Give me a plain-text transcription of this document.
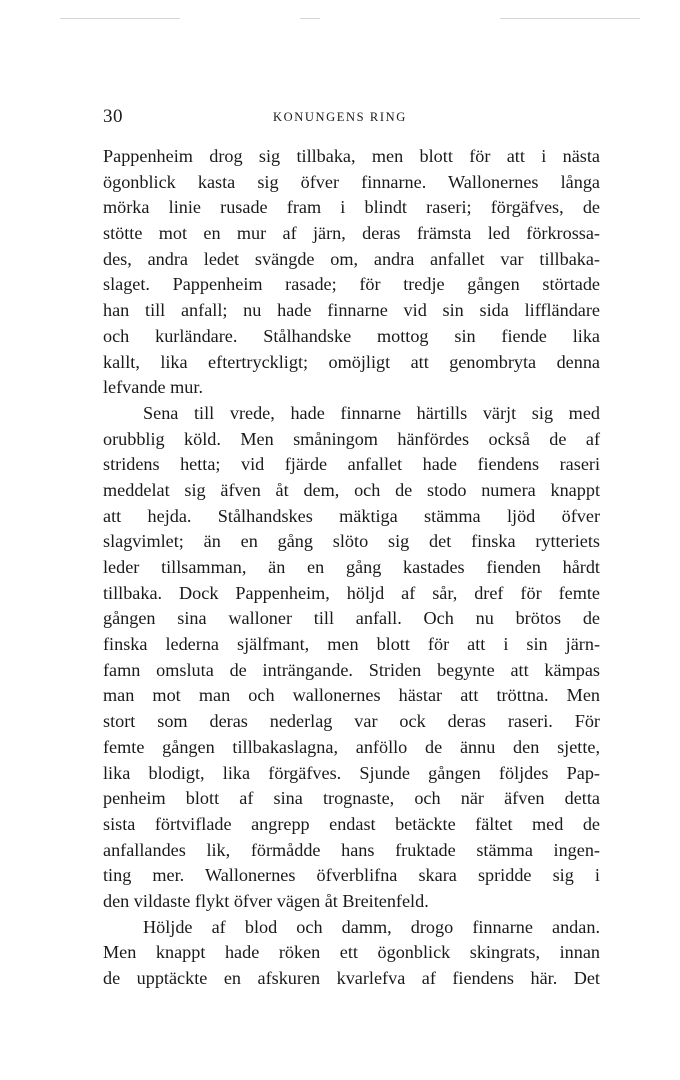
30	KONUNGENS RING
Pappenheim drog sig tillbaka, men blott för att i nästa
ögonblick kasta sig öfver finnarne. Wallonernes långa
mörka linie rusade fram i blindt raseri; förgäfves, de
stötte mot en mur af järn, deras främsta led förkrossa-
des, andra ledet svängde om, andra anfallet var tillbaka-
slaget. Pappenheim rasade; för tredje gången störtade
han till anfall; nu hade finnarne vid sin sida liffländare
och kurländare. Stålhandske mottog sin fiende lika
kallt, lika eftertryckligt; omöjligt att genombryta denna
lefvande mur.
Sena till vrede, hade finnarne härtills värjt sig med
orubblig köld. Men småningom hänfördes också de af
stridens hetta; vid fjärde anfallet hade fiendens raseri
meddelat sig äfven åt dem, och de stodo numera knappt
att hejda. Stålhandskes mäktiga stämma ljöd öfver
slagvimlet; än en gång slöto sig det finska rytteriets
leder tillsamman, än en gång kastades fienden hårdt
tillbaka. Dock Pappenheim, höljd af sår, dref för femte
gången sina walloner till anfall. Och nu brötos de
finska lederna själfmant, men blott för att i sin järn-
famn omsluta de inträngande. Striden begynte att kämpas
man mot man och wallonernes hästar att tröttna. Men
stort som deras nederlag var ock deras raseri. För
femte gången tillbakaslagna, anföllo de ännu den sjette,
lika blodigt, lika förgäfves. Sjunde gången följdes Pap-
penheim blott af sina trognaste, och när äfven detta
sista förtviflade angrepp endast betäckte fältet med de
anfallandes lik, förmådde hans fruktade stämma ingen-
ting mer. Wallonernes öfverblifna skara spridde sig i
den vildaste flykt öfver vägen åt Breitenfeld.
Höljde af blod och damm, drogo finnarne andan.
Men knappt hade röken ett ögonblick skingrats, innan
de upptäckte en afskuren kvarlefva af fiendens här. Det
